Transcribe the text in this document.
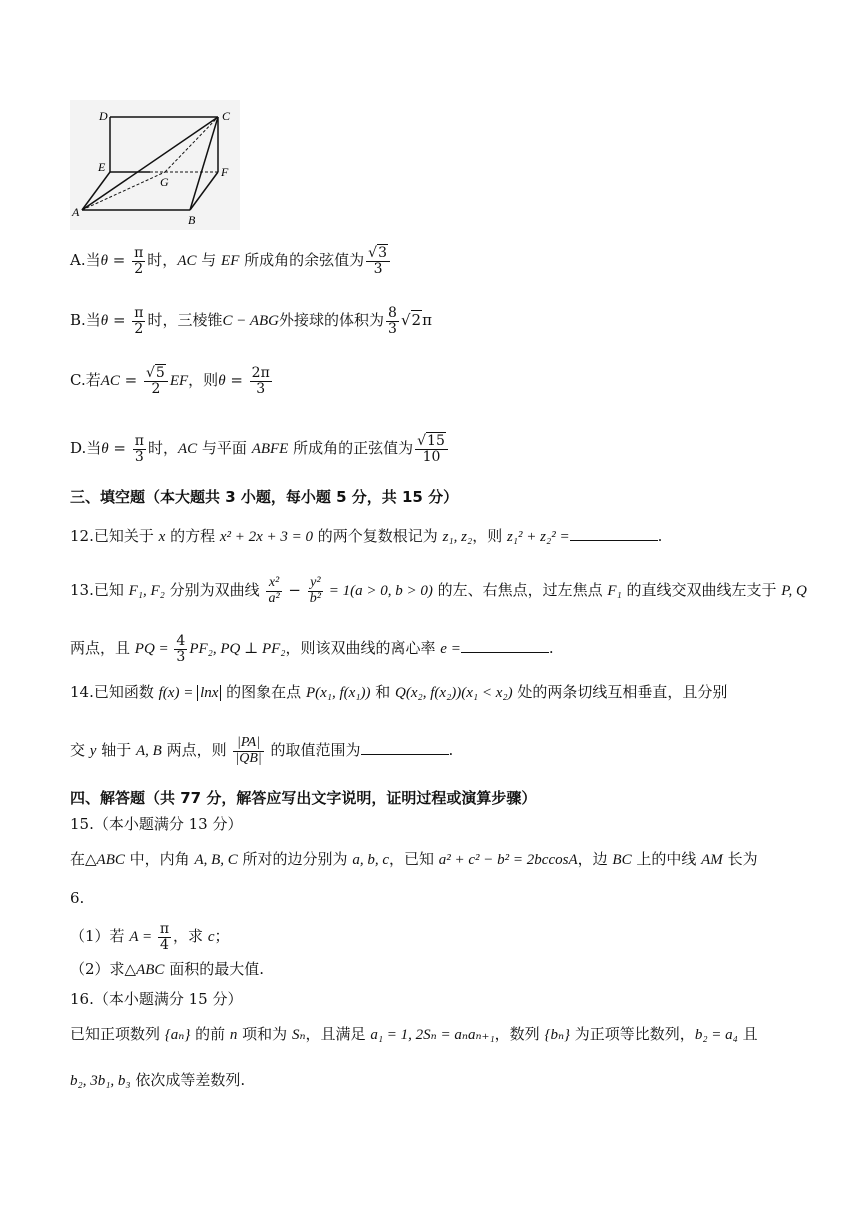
D	C
E
G
F
A
B
A.当$\theta = \frac{\pi}{2}$ 时，AC 与 EF 所成角的余弦值为 $\frac{√3}{3}$
B.当$\theta = \frac{\pi}{2}$ 时，三棱锥C − ABG外接球的体积为 $\frac{8}{3} √2\pi$
C.若AC = $\frac{√5}{2}$ EF，则$\theta = \frac{2\pi}{3}$
D.当$\theta = \frac{\pi}{3}$ 时，AC 与平面 ABFE 所成角的正弦值为 $\frac{√15}{10}$
三、填空题（本大题共 3 小题，每小题 5 分，共 15 分）
12.已知关于 x 的方程 x² + 2x + 3 = 0 的两个复数根记为 z₁, z₂，则 z₁² + z₂² =	.
13.已知 F₁, F₂ 分别为双曲线 $\frac{\text{x²}}{\text{a²}} - \frac{\text{y²}}{\text{b²}} = 1(a > 0$, b > 0) 的左、右焦点，过左焦点 F₁ 的直线交双曲线左支于 P, Q
两点，且 PQ = $\frac{4}{3} PF_2$, PQ ⊥ PF₂，则该双曲线的离心率 e =	.
14.已知函数 f(x) = lnx 的图象在点 P(x₁, f(x₁)) 和 Q(x₂, f(x₂))(x₁ < x₂) 处的两条切线互相垂直，且分别
交 y 轴于 A, B 两点，则 $\frac{|PA|}{|QB|}$ 的取值范围为	.
四、解答题（共 77 分，解答应写出文字说明，证明过程或演算步骤）
15.（本小题满分 13 分）
在△ABC 中，内角 A, B, C 所对的边分别为 a, b, c，已知 a² + c² − b² = 2bccosA，边 BC 上的中线 AM 长为
6.
（1）若 $A = \frac{\pi}{4}$ ，求 c；
（2）求△ABC 面积的最大值.
16.（本小题满分 15 分）
已知正项数列 {aₙ} 的前 n 项和为 Sₙ，且满足 a₁ = 1, 2Sₙ = aₙaₙ₊₁，数列 {bₙ} 为正项等比数列，b₂ = a₄ 且
b₂, 3b₁, b₃ 依次成等差数列.
